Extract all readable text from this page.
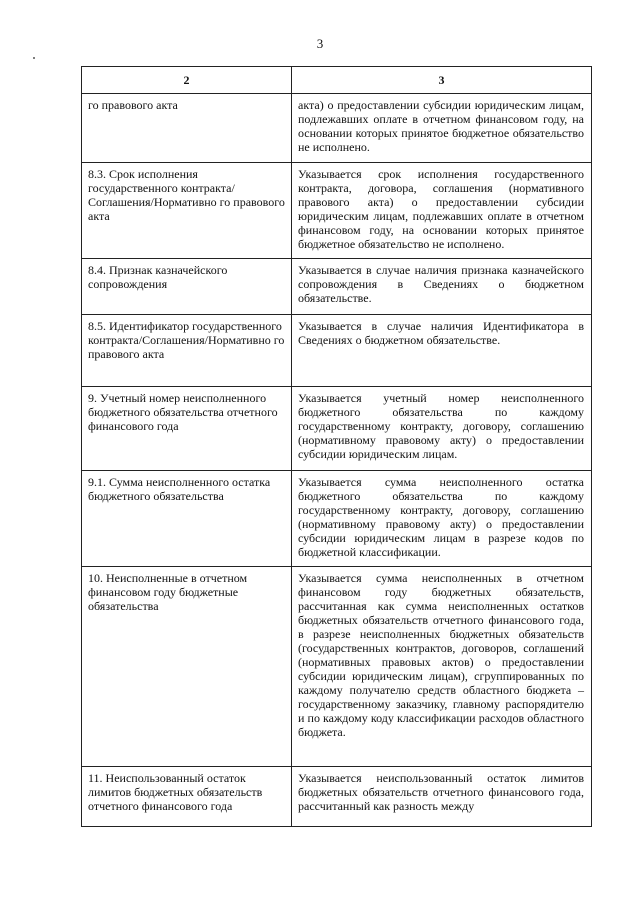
3
2	3
го правового акта	акта) о предоставлении субсидии юридическим лицам, подлежавших оплате в отчетном финансовом году, на основании которых принятое бюджетное обязательство не исполнено.
8.3. Срок исполнения государственного контракта/Соглашения/Нормативно го правового акта	Указывается срок исполнения государственного контракта, договора, соглашения (нормативного правового акта) о предоставлении субсидии юридическим лицам, подлежавших оплате в отчетном финансовом году, на основании которых принятое бюджетное обязательство не исполнено.
8.4. Признак казначейского сопровождения	Указывается в случае наличия признака казначейского сопровождения в Сведениях о бюджетном обязательстве.
8.5. Идентификатор государственного контракта/Соглашения/Нормативно го правового акта	Указывается в случае наличия Идентификатора в Сведениях о бюджетном обязательстве.
9. Учетный номер неисполненного бюджетного обязательства отчетного финансового года	Указывается учетный номер неисполненного бюджетного обязательства по каждому государственному контракту, договору, соглашению (нормативному правовому акту) о предоставлении субсидии юридическим лицам.
9.1. Сумма неисполненного остатка бюджетного обязательства	Указывается сумма неисполненного остатка бюджетного обязательства по каждому государственному контракту, договору, соглашению (нормативному правовому акту) о предоставлении субсидии юридическим лицам в разрезе кодов по бюджетной классификации.
10. Неисполненные в отчетном финансовом году бюджетные обязательства	Указывается сумма неисполненных в отчетном финансовом году бюджетных обязательств, рассчитанная как сумма неисполненных остатков бюджетных обязательств отчетного финансового года, в разрезе неисполненных бюджетных обязательств (государственных контрактов, договоров, соглашений (нормативных правовых актов) о предоставлении субсидии юридическим лицам), сгруппированных по каждому получателю средств областного бюджета – государственному заказчику, главному распорядителю и по каждому коду классификации расходов областного бюджета.
11. Неиспользованный остаток лимитов бюджетных обязательств отчетного финансового года	Указывается неиспользованный остаток лимитов бюджетных обязательств отчетного финансового года, рассчитанный как разность между
